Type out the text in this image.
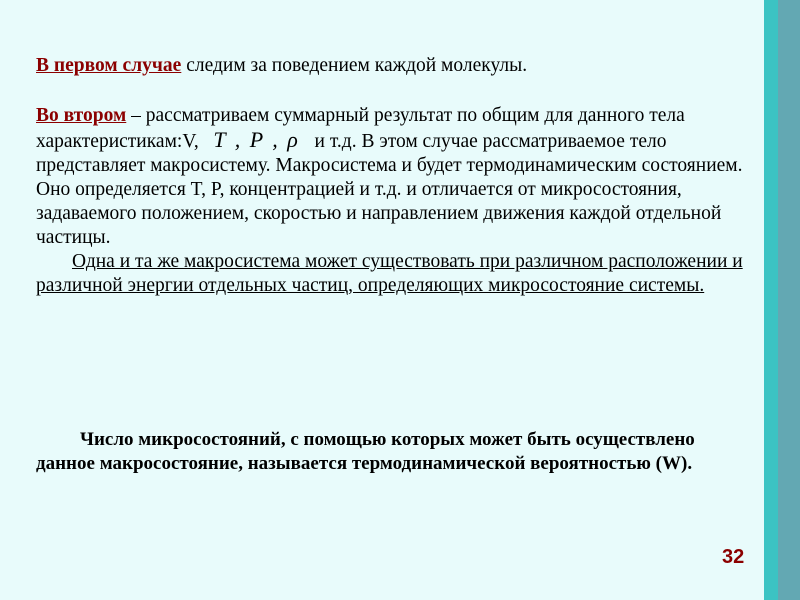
В первом случае следим за поведением каждой молекулы.

Во втором – рассматриваем суммарный результат по общим для данного тела
характеристикам:V, T , P , ρ и т.д. В этом случае рассматриваемое тело представляет макросистему. Макросистема и будет термодинамическим состоянием.

Оно определяется T, P, концентрацией и т.д. и отличается от микросостояния, задаваемого положением, скоростью и направлением движения каждой отдельной частицы.

Одна и та же макросистема может существовать при различном расположении и различной энергии отдельных частиц, определяющих микросостояние системы.

Число микросостояний, с помощью которых может быть осуществлено данное макросостояние, называется термодинамической вероятностью (W).

32
